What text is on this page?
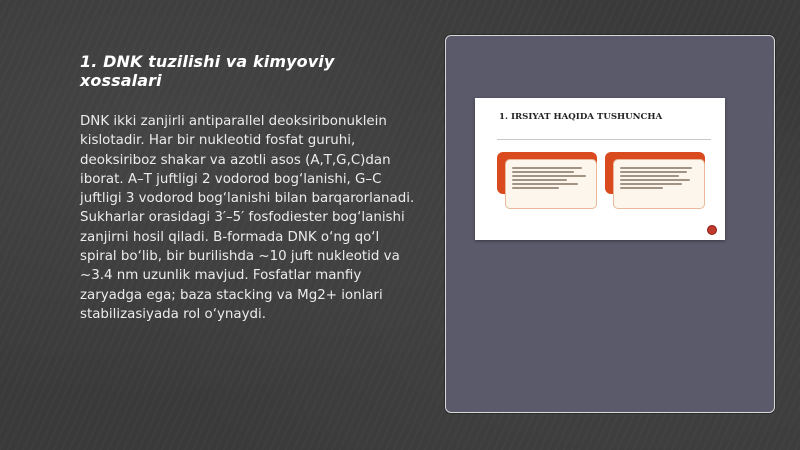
1. DNK tuzilishi va kimyoviy xossalari

DNK ikki zanjirli antiparallel deoksiribonuklein kislotadir. Har bir nukleotid fosfat guruhi, deoksiriboz shakar va azotli asos (A,T,G,C)dan iborat. A–T juftligi 2 vodorod bog‘lanishi, G–C juftligi 3 vodorod bog‘lanishi bilan barqarorlanadi. Sukharlar orasidagi 3′–5′ fosfodiester bog‘lanishi zanjirni hosil qiladi. B-formada DNK o‘ng qo‘l spiral bo‘lib, bir burilishda ~10 juft nukleotid va ~3.4 nm uzunlik mavjud. Fosfatlar manfiy zaryadga ega; baza stacking va Mg2+ ionlari stabilizasiyada rol o‘ynaydi.

1. IRSIYAT HAQIDA TUSHUNCHA
